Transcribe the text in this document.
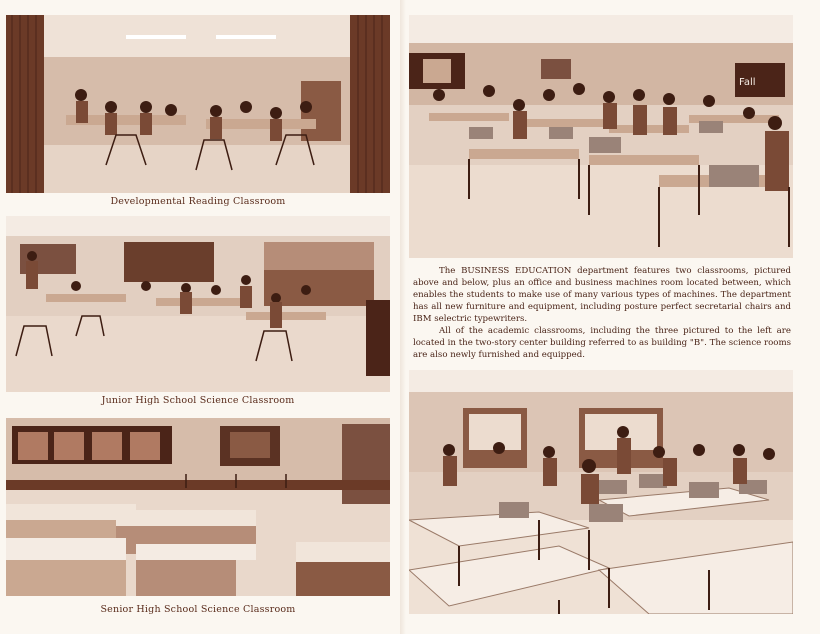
Developmental Reading Classroom
Junior High School Science Classroom
Senior High School Science Classroom
Fall

The BUSINESS EDUCATION department features two classrooms, pictured above and below, plus an office and business machines room located between, which enables the students to make use of many various types of machines. The department has all new furniture and equipment, including posture perfect secretarial chairs and IBM selectric typewriters.

All of the academic classrooms, including the three pictured to the left are located in the two-story center building referred to as building "B". The science rooms are also newly furnished and equipped.
